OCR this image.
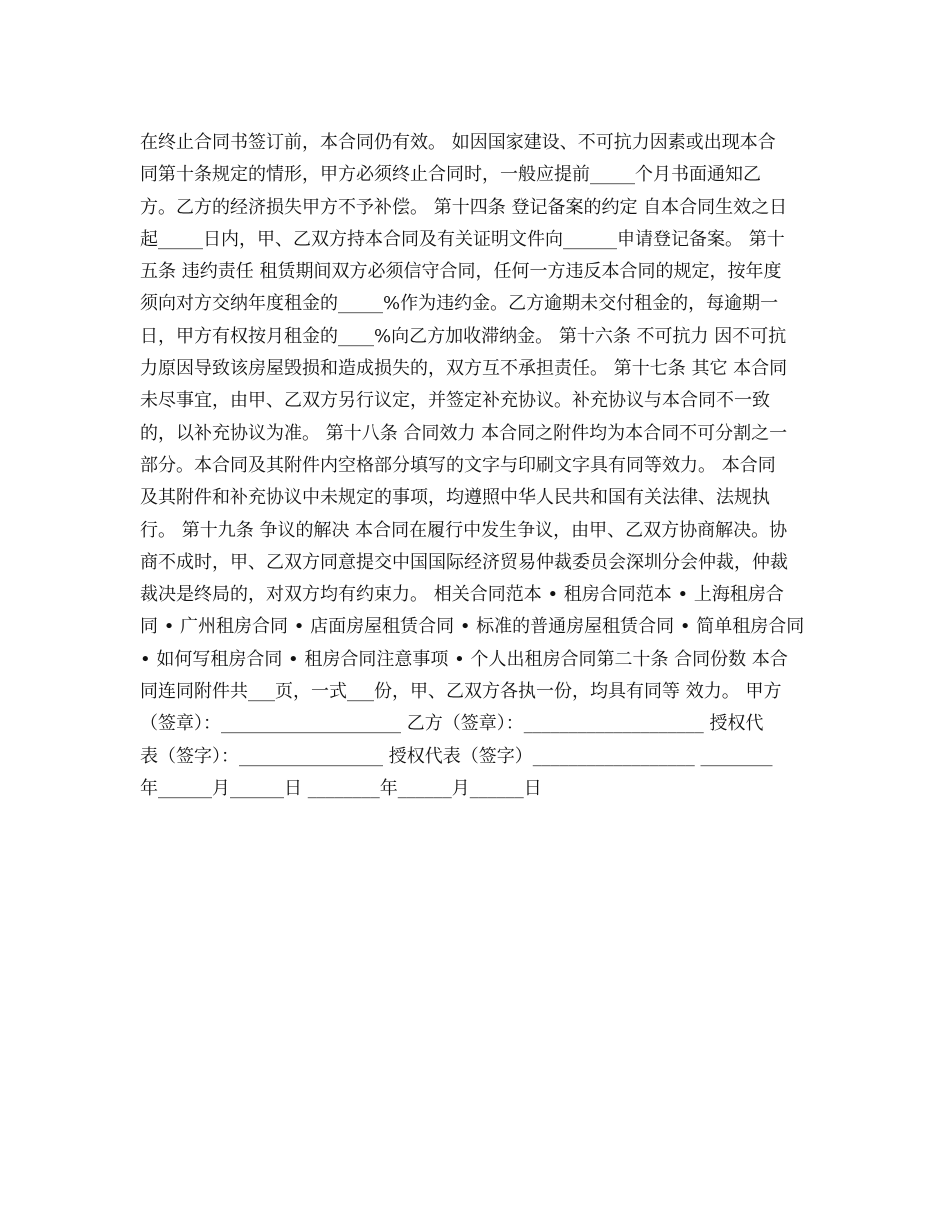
在终止合同书签订前，本合同仍有效。 如因国家建设、不可抗力因素或出现本合
同第十条规定的情形，甲方必须终止合同时，一般应提前_____个月书面通知乙
方。乙方的经济损失甲方不予补偿。 第十四条 登记备案的约定 自本合同生效之日
起_____日内，甲、乙双方持本合同及有关证明文件向______申请登记备案。 第十
五条 违约责任 租赁期间双方必须信守合同，任何一方违反本合同的规定，按年度
须向对方交纳年度租金的_____%作为违约金。乙方逾期未交付租金的，每逾期一
日，甲方有权按月租金的____%向乙方加收滞纳金。 第十六条 不可抗力 因不可抗
力原因导致该房屋毁损和造成损失的，双方互不承担责任。 第十七条 其它 本合同
未尽事宜，由甲、乙双方另行议定，并签定补充协议。补充协议与本合同不一致
的，以补充协议为准。 第十八条 合同效力 本合同之附件均为本合同不可分割之一
部分。本合同及其附件内空格部分填写的文字与印刷文字具有同等效力。 本合同
及其附件和补充协议中未规定的事项，均遵照中华人民共和国有关法律、法规执
行。 第十九条 争议的解决 本合同在履行中发生争议，由甲、乙双方协商解决。协
商不成时，甲、乙双方同意提交中国国际经济贸易仲裁委员会深圳分会仲裁，仲裁
裁决是终局的，对双方均有约束力。 相关合同范本 • 租房合同范本 • 上海租房合
同 • 广州租房合同 • 店面房屋租赁合同 • 标准的普通房屋租赁合同 • 简单租房合同
• 如何写租房合同 • 租房合同注意事项 • 个人出租房合同第二十条 合同份数 本合
同连同附件共___页，一式___份，甲、乙双方各执一份，均具有同等 效力。 甲方
（签章）：____________________ 乙方（签章）：____________________ 授权代
表（签字）：________________ 授权代表（签字）__________________ ________
年______月______日 ________年______月______日
